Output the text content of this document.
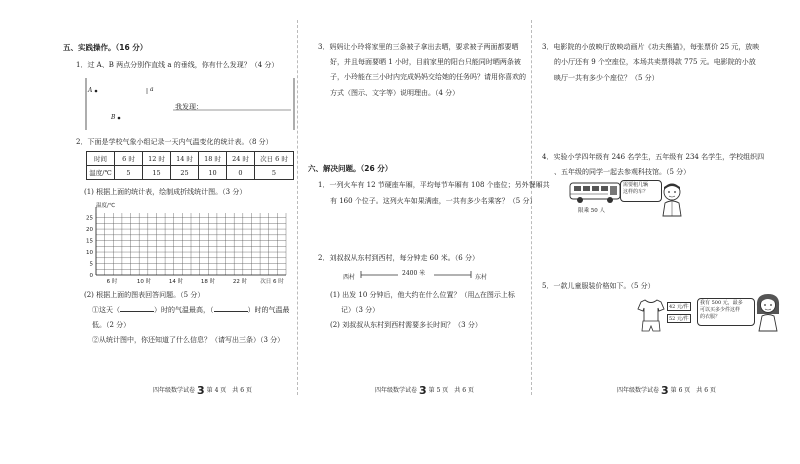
五、实践操作。（16 分）
1．过 A、B 两点分别作直线 a 的垂线，你有什么发现？（4 分）
A
B
a
我发现：
2．下面是学校气象小组记录一天内气温变化的统计表。（8 分）
时间	6 时	12 时	14 时	18 时	24 时	次日 6 时
温度/℃	5	15	25	10	0	5
(1) 根据上面的统计表，绘制成折线统计图。（3 分）
温度/℃
0
5
10
15
20
25
6 时	10 时	14 时	18 时	22 时 次日 6 时
(2) 根据上面的图表回答问题。（5 分）
①这天（	）时的气温最高，（	）时的气温最
低。（2 分）
②从统计图中，你还知道了什么信息？（请写出三条）（3 分）
3．妈妈让小玲将家里的三条被子拿出去晒，要求被子两面都要晒
好，并且每面要晒 1 小时，目前家里的阳台只能同时晒两条被
子，小玲能在三小时内完成妈妈交给她的任务吗？请用你喜欢的
方式（图示、文字等）说明理由。（4 分）
六、解决问题。（26 分）
1．一列火车有 12 节硬座车厢，平均每节车厢有 108 个座位；另外餐厢共
有 160 个位子。这列火车如果满座，一共有多少名乘客？（5 分）
2．刘叔叔从东村到西村，每分钟走 60 米。（6 分）
西村
2400 米
东村
(1) 出发 10 分钟后，他大约在什么位置？（用△在图示上标
记）（3 分）
(2) 刘叔叔从东村到西村需要多长时间？（3 分）
3．电影院的小放映厅放映动画片《功夫熊猫》，每张票价 25 元，放映
的小厅还有 9 个空座位，本场共卖票得款 775 元。电影院的小放
映厅一共有多少个座位？（5 分）
4．实验小学四年级有 246 名学生，五年级有 234 名学生，学校组织四
、五年级的同学一起去参观科技馆。（5 分）
限乘 50 人
需要租几辆
这样的车？
5．一款儿童服装价格如下。（5 分）
42 元/件
52 元/件
我有 500 元，最多
可以买多少件这样
的衣服？
四年级数学试卷 3 第 4 页　共 6 页	四年级数学试卷 3 第 5 页　共 6 页	四年级数学试卷 3 第 6 页　共 6 页
